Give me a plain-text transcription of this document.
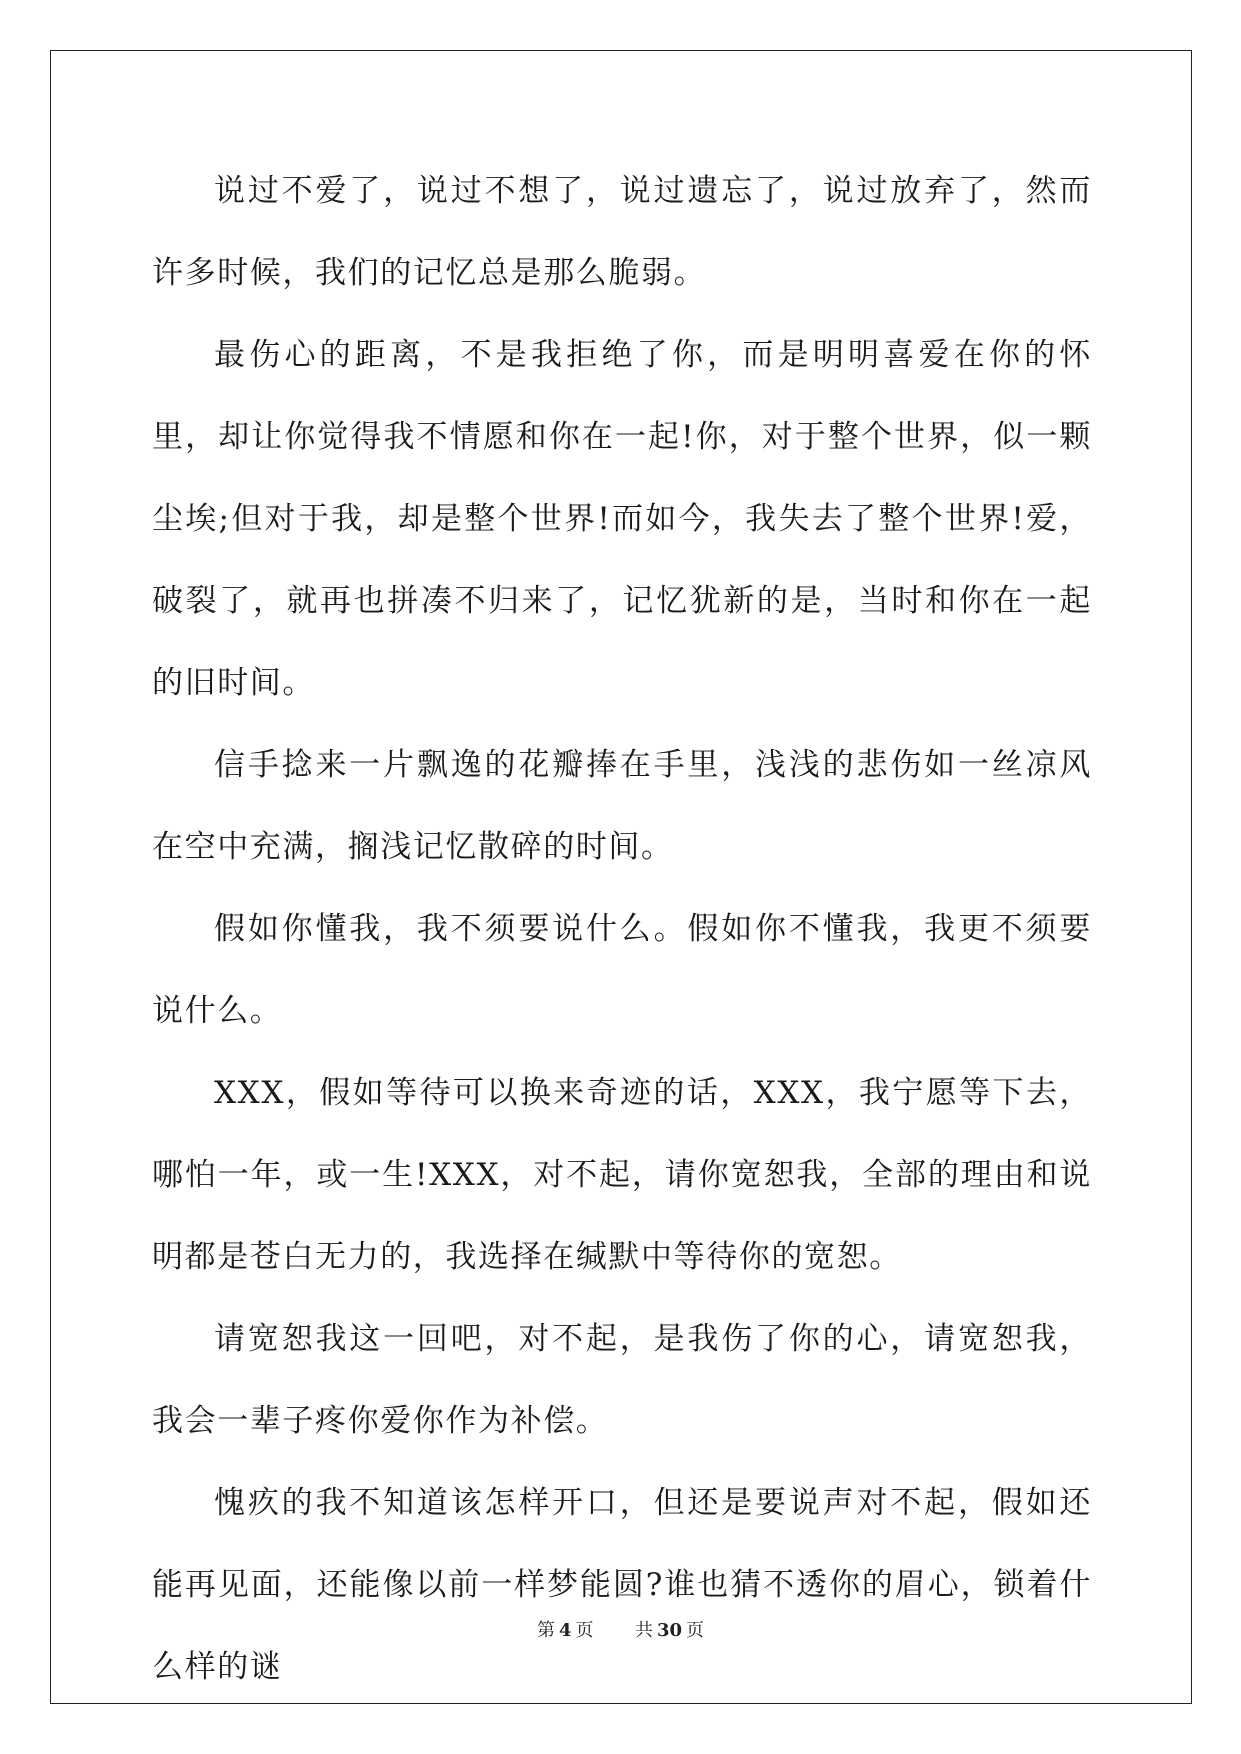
说过不爱了，说过不想了，说过遗忘了，说过放弃了，然而许多时候，我们的记忆总是那么脆弱。

最伤心的距离，不是我拒绝了你，而是明明喜爱在你的怀里，却让你觉得我不情愿和你在一起!你，对于整个世界，似一颗尘埃;但对于我，却是整个世界!而如今，我失去了整个世界!爱，破裂了，就再也拼凑不归来了，记忆犹新的是，当时和你在一起的旧时间。

信手捻来一片飘逸的花瓣捧在手里，浅浅的悲伤如一丝凉风在空中充满，搁浅记忆散碎的时间。

假如你懂我，我不须要说什么。假如你不懂我，我更不须要说什么。

XXX，假如等待可以换来奇迹的话，XXX，我宁愿等下去，哪怕一年，或一生!XXX，对不起，请你宽恕我，全部的理由和说明都是苍白无力的，我选择在缄默中等待你的宽恕。

请宽恕我这一回吧，对不起，是我伤了你的心，请宽恕我，我会一辈子疼你爱你作为补偿。

愧疚的我不知道该怎样开口，但还是要说声对不起，假如还能再见面，还能像以前一样梦能圆?谁也猜不透你的眉心，锁着什么样的谜

第 4 页 共 30 页
